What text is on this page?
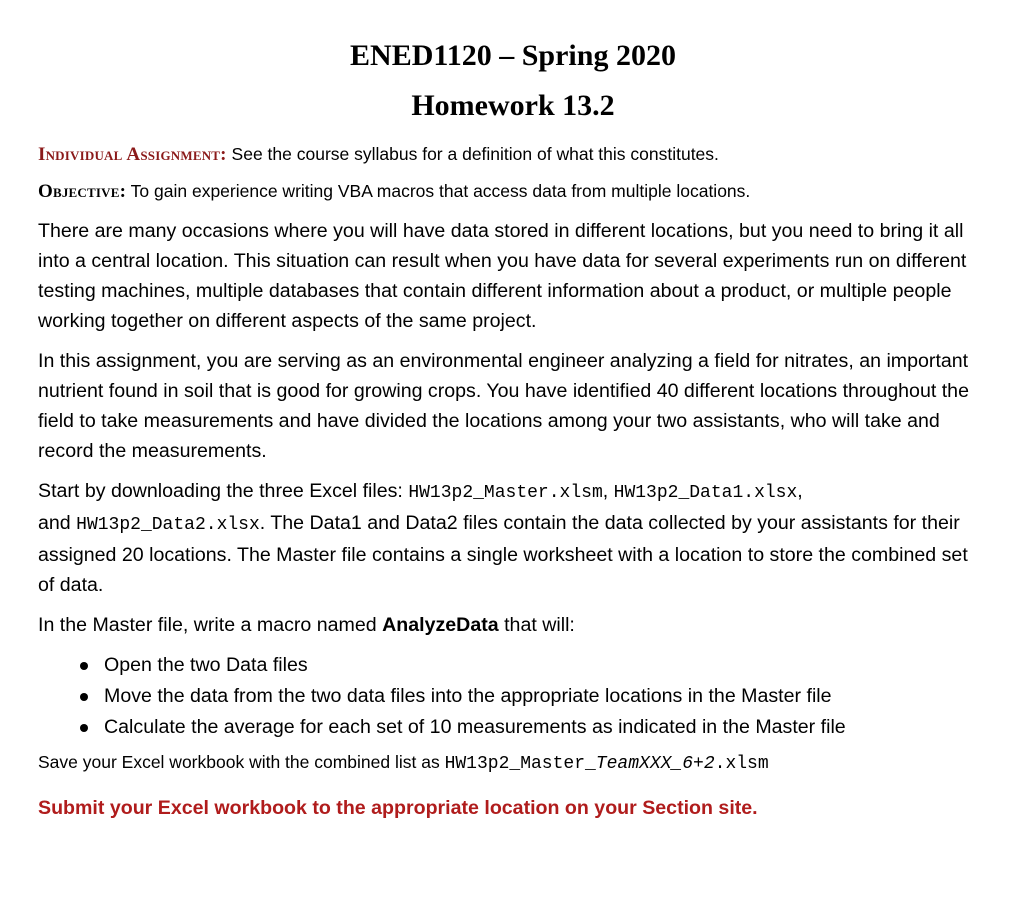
ENED1120 – Spring 2020
Homework 13.2

Individual Assignment: See the course syllabus for a definition of what this constitutes.

Objective: To gain experience writing VBA macros that access data from multiple locations.

There are many occasions where you will have data stored in different locations, but you need to bring it all into a central location. This situation can result when you have data for several experiments run on different testing machines, multiple databases that contain different information about a product, or multiple people working together on different aspects of the same project.

In this assignment, you are serving as an environmental engineer analyzing a field for nitrates, an important nutrient found in soil that is good for growing crops. You have identified 40 different locations throughout the field to take measurements and have divided the locations among your two assistants, who will take and record the measurements.

Start by downloading the three Excel files: HW13p2_Master.xlsm, HW13p2_Data1.xlsx,
and HW13p2_Data2.xlsx. The Data1 and Data2 files contain the data collected by your assistants for their assigned 20 locations. The Master file contains a single worksheet with a location to store the combined set of data.

In the Master file, write a macro named AnalyzeData that will:

Open the two Data files
Move the data from the two data files into the appropriate locations in the Master file
Calculate the average for each set of 10 measurements as indicated in the Master file

Save your Excel workbook with the combined list as HW13p2_Master_TeamXXX_6+2.xlsm

Submit your Excel workbook to the appropriate location on your Section site.
